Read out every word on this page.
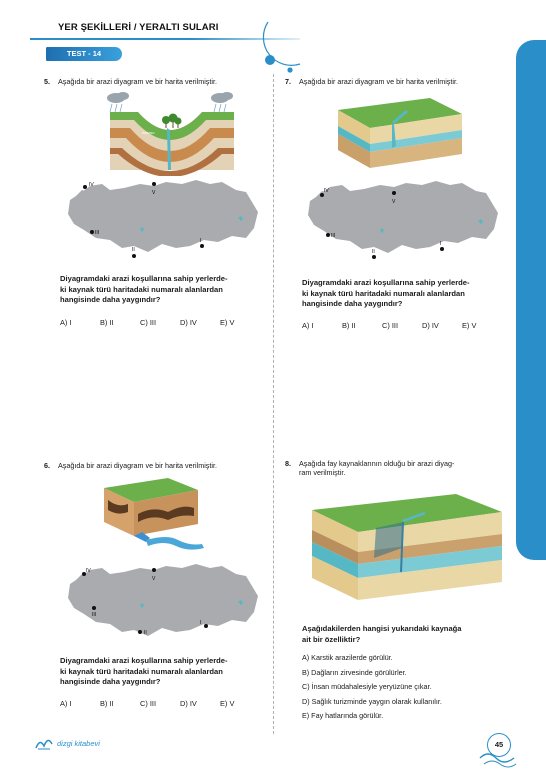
YER ŞEKİLLERİ / YERALTI SULARI
TEST - 14
5. Aşağıda bir arazi diyagram ve bir harita verilmiştir.
Akarsu
IV
V
III
II
I
Diyagramdaki arazi koşullarına sahip yerlerde-
ki kaynak türü haritadaki numaralı alanlardan
hangisinde daha yaygındır?
A) I	B) II	C) III	D) IV	E) V
7. Aşağıda bir arazi diyagram ve bir harita verilmiştir.
IV
V
III
II
I
Diyagramdaki arazi koşullarına sahip yerlerde-
ki kaynak türü haritadaki numaralı alanlardan
hangisinde daha yaygındır?
A) I	B) II	C) III	D) IV	E) V
6. Aşağıda bir arazi diyagram ve bir harita verilmiştir.
IV
V
III
II
I
Diyagramdaki arazi koşullarına sahip yerlerde-
ki kaynak türü haritadaki numaralı alanlardan
hangisinde daha yaygındır?
A) I	B) II	C) III	D) IV	E) V
8. Aşağıda fay kaynaklarının olduğu bir arazi diyag-
ram verilmiştir.
Aşağıdakilerden hangisi yukarıdaki kaynağa
ait bir özelliktir?
A) Karstik arazilerde görülür.
B) Dağların zirvesinde görülürler.
C) İnsan müdahalesiyle yeryüzüne çıkar.
D) Sağlık turizminde yaygın olarak kullanılır.
E) Fay hatlarında görülür.
dizgi kitabevi	45
